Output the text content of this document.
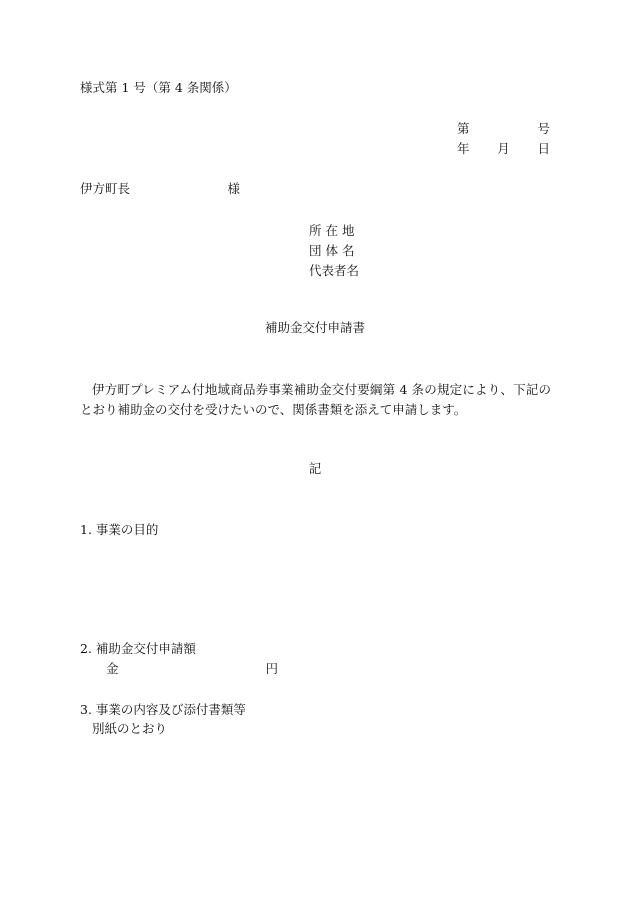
様式第 1 号（第 4 条関係）
第	号
年 月 日
伊方町長	様
所 在 地
団 体 名
代表者名
補助金交付申請書
伊方町プレミアム付地域商品券事業補助金交付要綱第 4 条の規定により、下記のとおり補助金の交付を受けたいので、関係書類を添えて申請します。
記
1. 事業の目的
2. 補助金交付申請額
金	円
3. 事業の内容及び添付書類等
別紙のとおり
